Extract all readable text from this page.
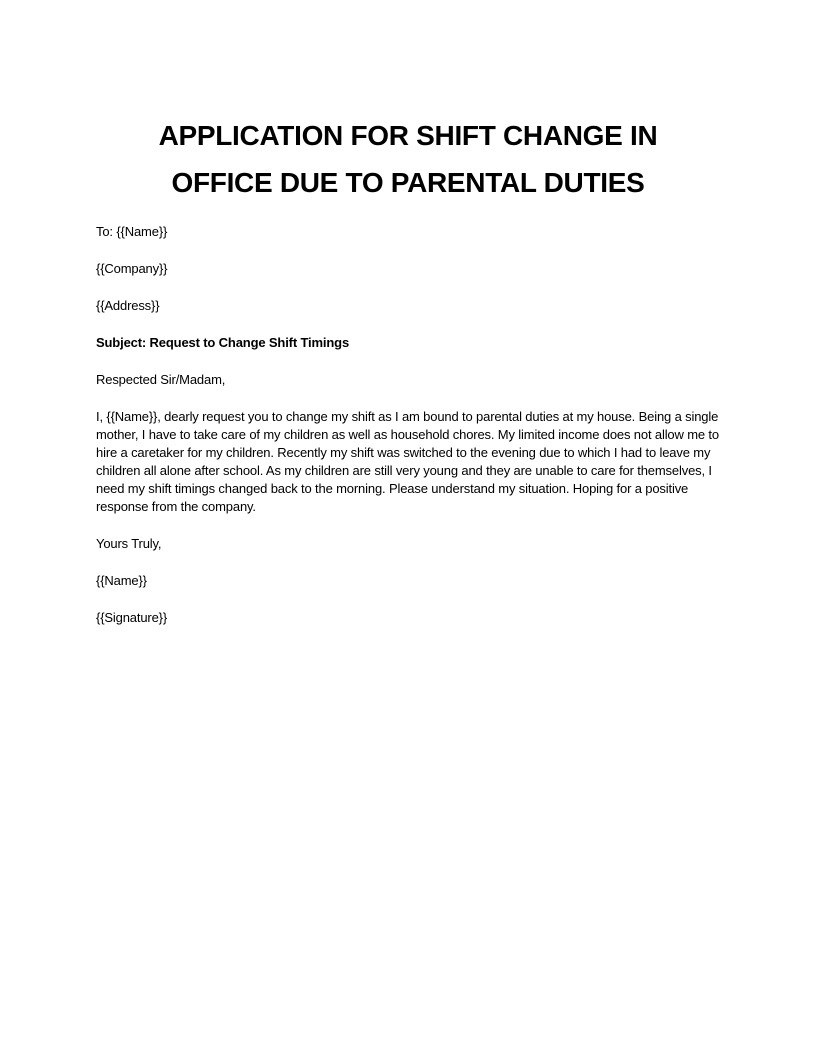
APPLICATION FOR SHIFT CHANGE IN
OFFICE DUE TO PARENTAL DUTIES

To: {{Name}}

{{Company}}

{{Address}}

Subject: Request to Change Shift Timings

Respected Sir/Madam,

I, {{Name}}, dearly request you to change my shift as I am bound to parental duties at my house. Being a single mother, I have to take care of my children as well as household chores. My limited income does not allow me to hire a caretaker for my children. Recently my shift was switched to the evening due to which I had to leave my children all alone after school. As my children are still very young and they are unable to care for themselves, I need my shift timings changed back to the morning. Please understand my situation. Hoping for a positive response from the company.

Yours Truly,

{{Name}}

{{Signature}}
